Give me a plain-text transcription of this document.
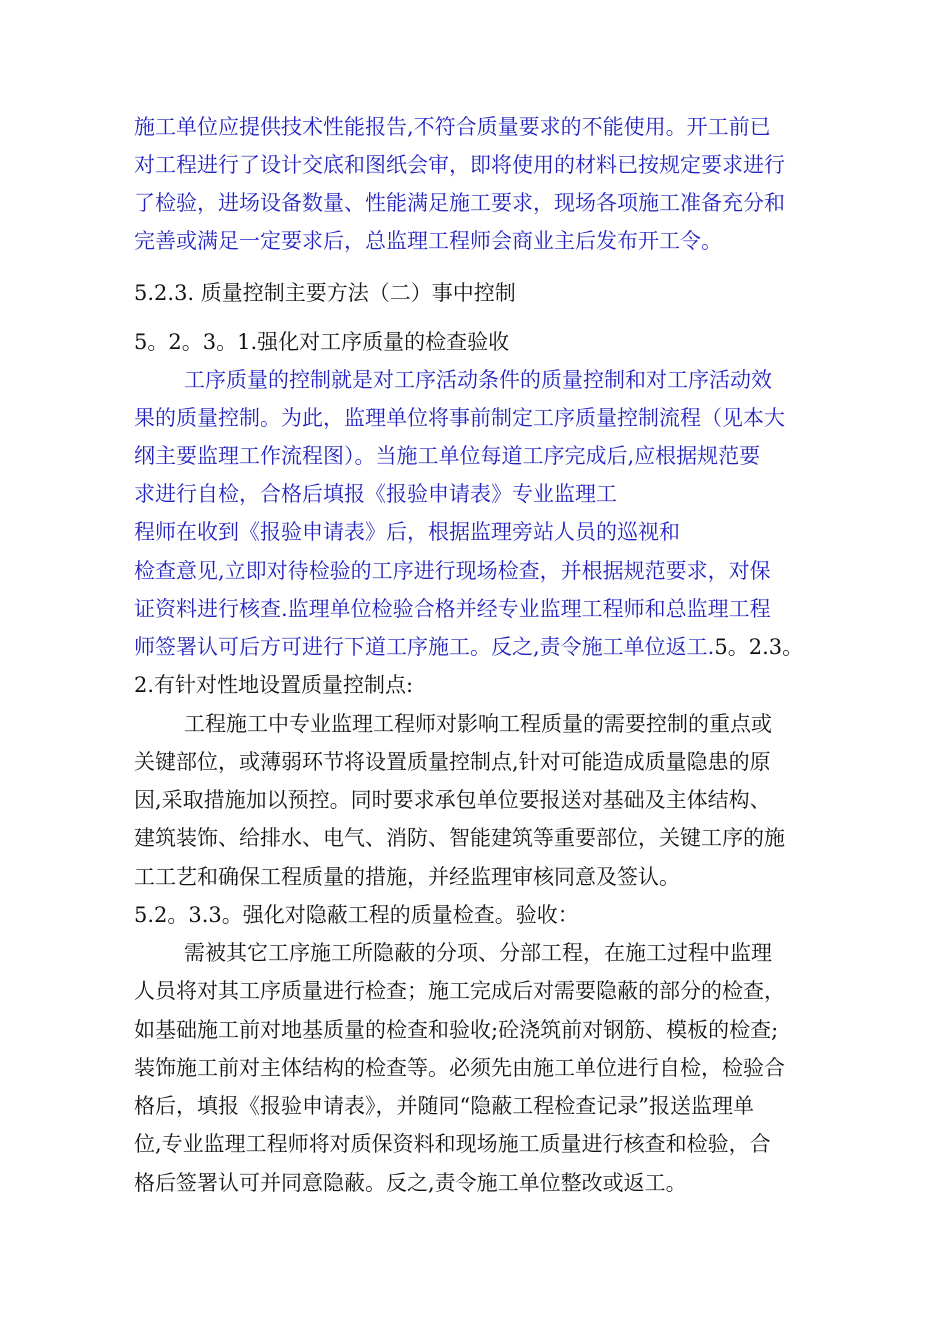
施工单位应提供技术性能报告,不符合质量要求的不能使用。开工前已
对工程进行了设计交底和图纸会审，即将使用的材料已按规定要求进行
了检验，进场设备数量、性能满足施工要求，现场各项施工准备充分和
完善或满足一定要求后，总监理工程师会商业主后发布开工令。
5.2.3. 质量控制主要方法（二）事中控制
5。2。3。1.强化对工序质量的检查验收
工序质量的控制就是对工序活动条件的质量控制和对工序活动效
果的质量控制。为此，监理单位将事前制定工序质量控制流程（见本大
纲主要监理工作流程图）。当施工单位每道工序完成后,应根据规范要
求进行自检，合格后填报《报验申请表》专业监理工
程师在收到《报验申请表》后，根据监理旁站人员的巡视和
检查意见,立即对待检验的工序进行现场检查，并根据规范要求，对保
证资料进行核查.监理单位检验合格并经专业监理工程师和总监理工程
师签署认可后方可进行下道工序施工。反之,责令施工单位返工.5。2.3。
2.有针对性地设置质量控制点:
工程施工中专业监理工程师对影响工程质量的需要控制的重点或
关键部位，或薄弱环节将设置质量控制点,针对可能造成质量隐患的原
因,采取措施加以预控。同时要求承包单位要报送对基础及主体结构、
建筑装饰、给排水、电气、消防、智能建筑等重要部位，关键工序的施
工工艺和确保工程质量的措施，并经监理审核同意及签认。
5.2。3.3。强化对隐蔽工程的质量检查。验收：
需被其它工序施工所隐蔽的分项、分部工程，在施工过程中监理
人员将对其工序质量进行检查；施工完成后对需要隐蔽的部分的检查，
如基础施工前对地基质量的检查和验收;砼浇筑前对钢筋、模板的检查;
装饰施工前对主体结构的检查等。必须先由施工单位进行自检，检验合
格后，填报《报验申请表》，并随同“隐蔽工程检查记录”报送监理单
位,专业监理工程师将对质保资料和现场施工质量进行核查和检验，合
格后签署认可并同意隐蔽。反之,责令施工单位整改或返工。
